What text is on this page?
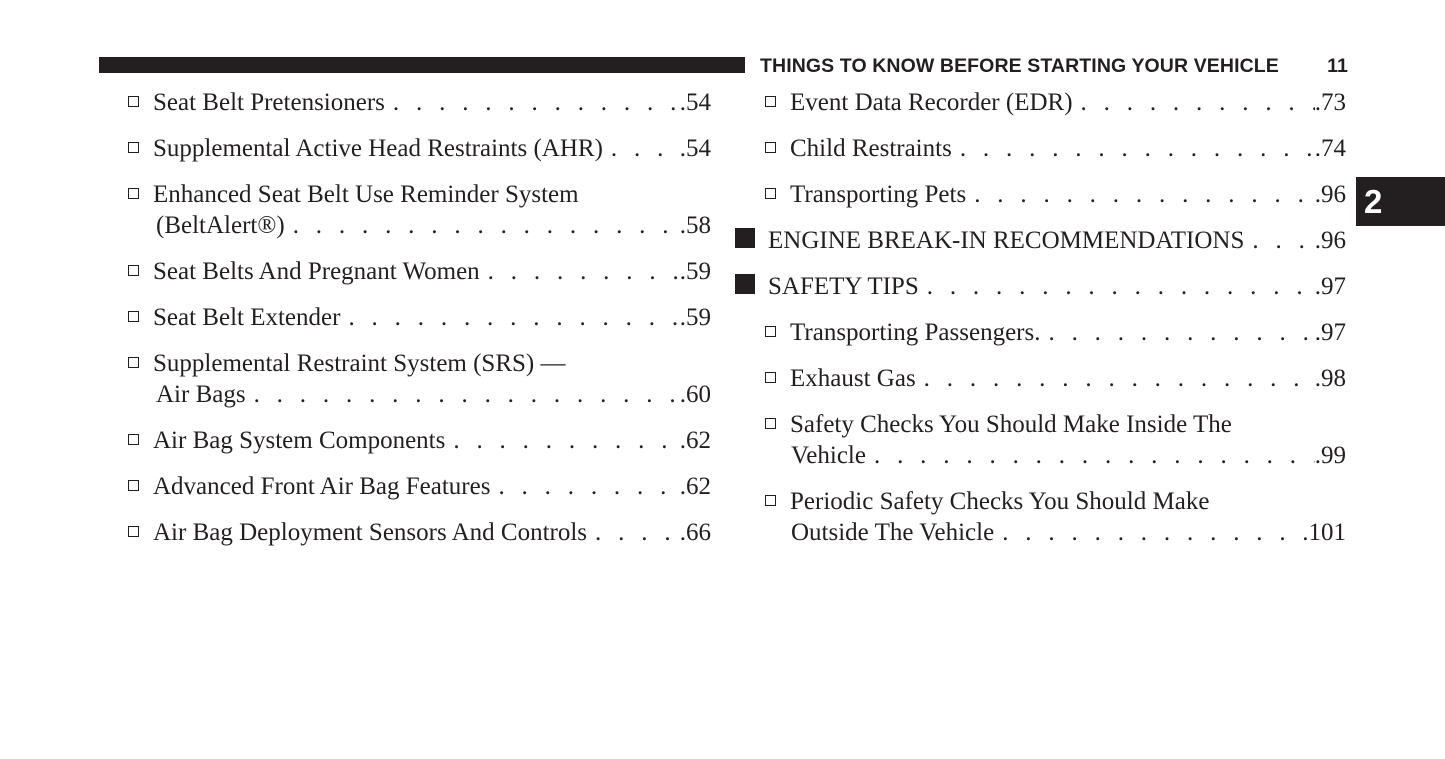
THINGS TO KNOW BEFORE STARTING YOUR VEHICLE 11
2
Seat Belt Pretensioners . . .	.54
Supplemental Active Head Restraints (AHR) . . .	.54
Enhanced Seat Belt Use Reminder System
(BeltAlert®) . . .	.58
Seat Belts And Pregnant Women . . .	.59
Seat Belt Extender . . .	.59
Supplemental Restraint System (SRS) —
Air Bags . . .	.60
Air Bag System Components . . .	.62
Advanced Front Air Bag Features . . .	.62
Air Bag Deployment Sensors And Controls . . .	.66
Event Data Recorder (EDR) . . .	.73
Child Restraints . . .	.74
Transporting Pets . . .	.96
ENGINE BREAK-IN RECOMMENDATIONS . . .	.96
SAFETY TIPS . . .	.97
Transporting Passengers. . . .	.97
Exhaust Gas . . .	.98
Safety Checks You Should Make Inside The
Vehicle . . .	.99
Periodic Safety Checks You Should Make
Outside The Vehicle . . .	.101
